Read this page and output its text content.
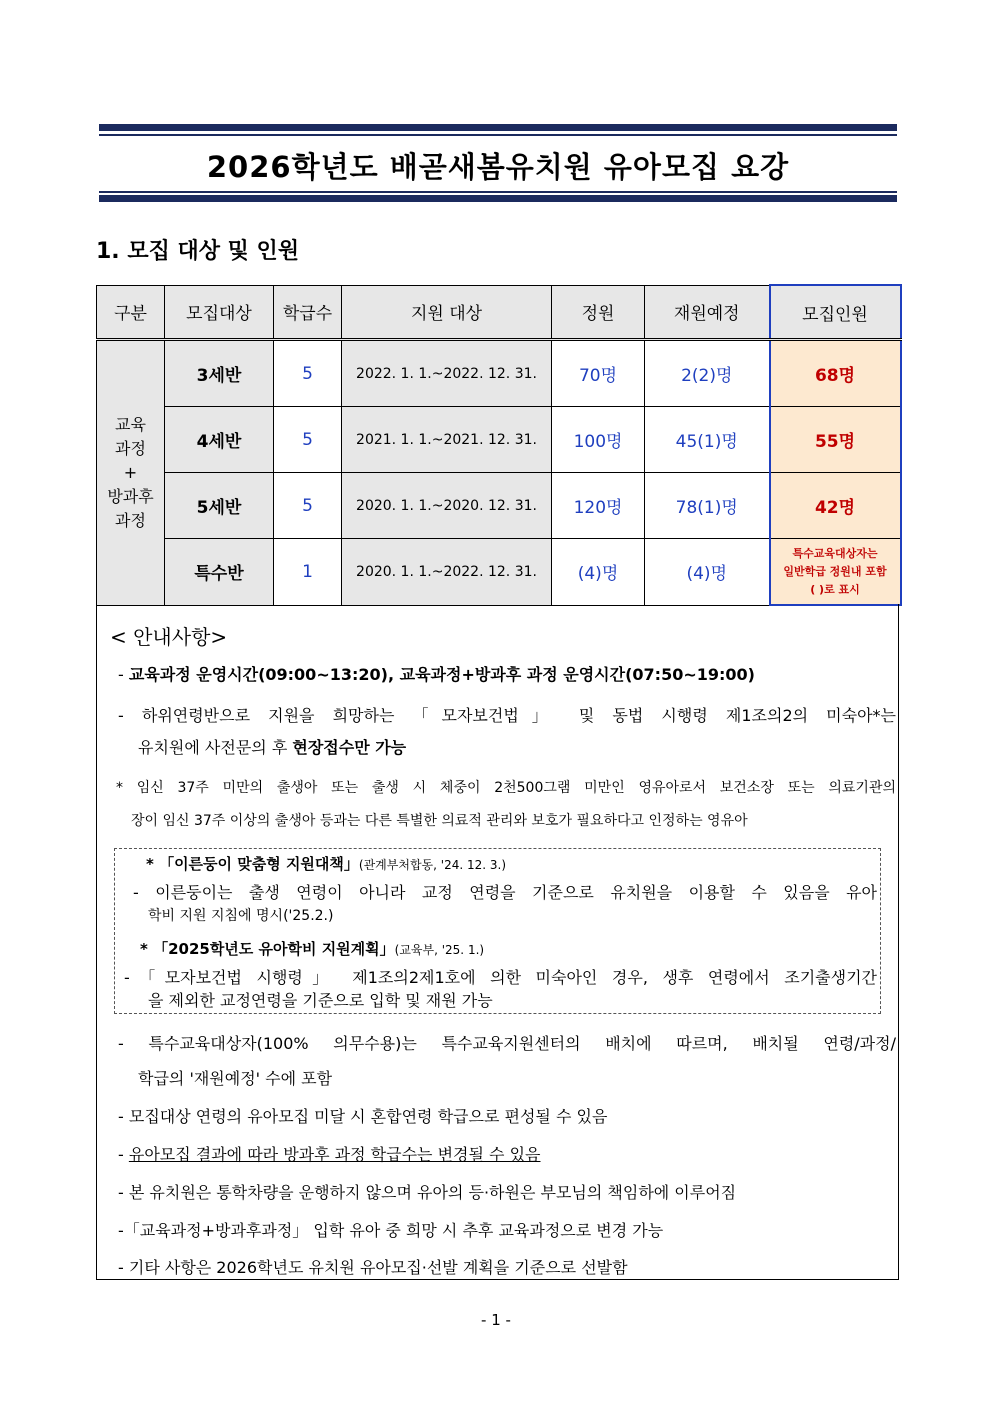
2026학년도 배곧새봄유치원 유아모집 요강
1. 모집 대상 및 인원
구분	모집대상	학급수	지원 대상	정원	재원예정	모집인원

교육
과정
+
방과후
과정	3세반	5	2022. 1. 1.~2022. 12. 31.	70명	2(2)명	68명
	4세반	5	2021. 1. 1.~2021. 12. 31.	100명	45(1)명	55명
	5세반	5	2020. 1. 1.~2020. 12. 31.	120명	78(1)명	42명
	특수반	1	2020. 1. 1.~2022. 12. 31.	(4)명	(4)명	특수교육대상자는
일반학급 정원내 포함
( )로 표시
< 안내사항>
- 교육과정 운영시간(09:00~13:20), 교육과정+방과후 과정 운영시간(07:50~19:00)
- 하위연령반으로 지원을 희망하는 「모자보건법」 및 동법 시행령 제1조의2의 미숙아*는
유치원에 사전문의 후 현장접수만 가능
* 임신 37주 미만의 출생아 또는 출생 시 체중이 2천500그램 미만인 영유아로서 보건소장 또는 의료기관의
장이 임신 37주 이상의 출생아 등과는 다른 특별한 의료적 관리와 보호가 필요하다고 인정하는 영유아
* 「이른둥이 맞춤형 지원대책」(관계부처합동, '24. 12. 3.)
- 이른둥이는 출생 연령이 아니라 교정 연령을 기준으로 유치원을 이용할 수 있음을 유아
학비 지원 지침에 명시('25.2.)
* 「2025학년도 유아학비 지원계획」(교육부, '25. 1.)
-「모자보건법 시행령」 제1조의2제1호에 의한 미숙아인 경우, 생후 연령에서 조기출생기간
을 제외한 교정연령을 기준으로 입학 및 재원 가능
- 특수교육대상자(100% 의무수용)는 특수교육지원센터의 배치에 따르며, 배치될 연령/과정/
학급의 '재원예정' 수에 포함
- 모집대상 연령의 유아모집 미달 시 혼합연령 학급으로 편성될 수 있음
- 유아모집 결과에 따라 방과후 과정 학급수는 변경될 수 있음
- 본 유치원은 통학차량을 운행하지 않으며 유아의 등·하원은 부모님의 책임하에 이루어짐
-「교육과정+방과후과정」 입학 유아 중 희망 시 추후 교육과정으로 변경 가능
- 기타 사항은 2026학년도 유치원 유아모집·선발 계획을 기준으로 선발함
- 1 -
